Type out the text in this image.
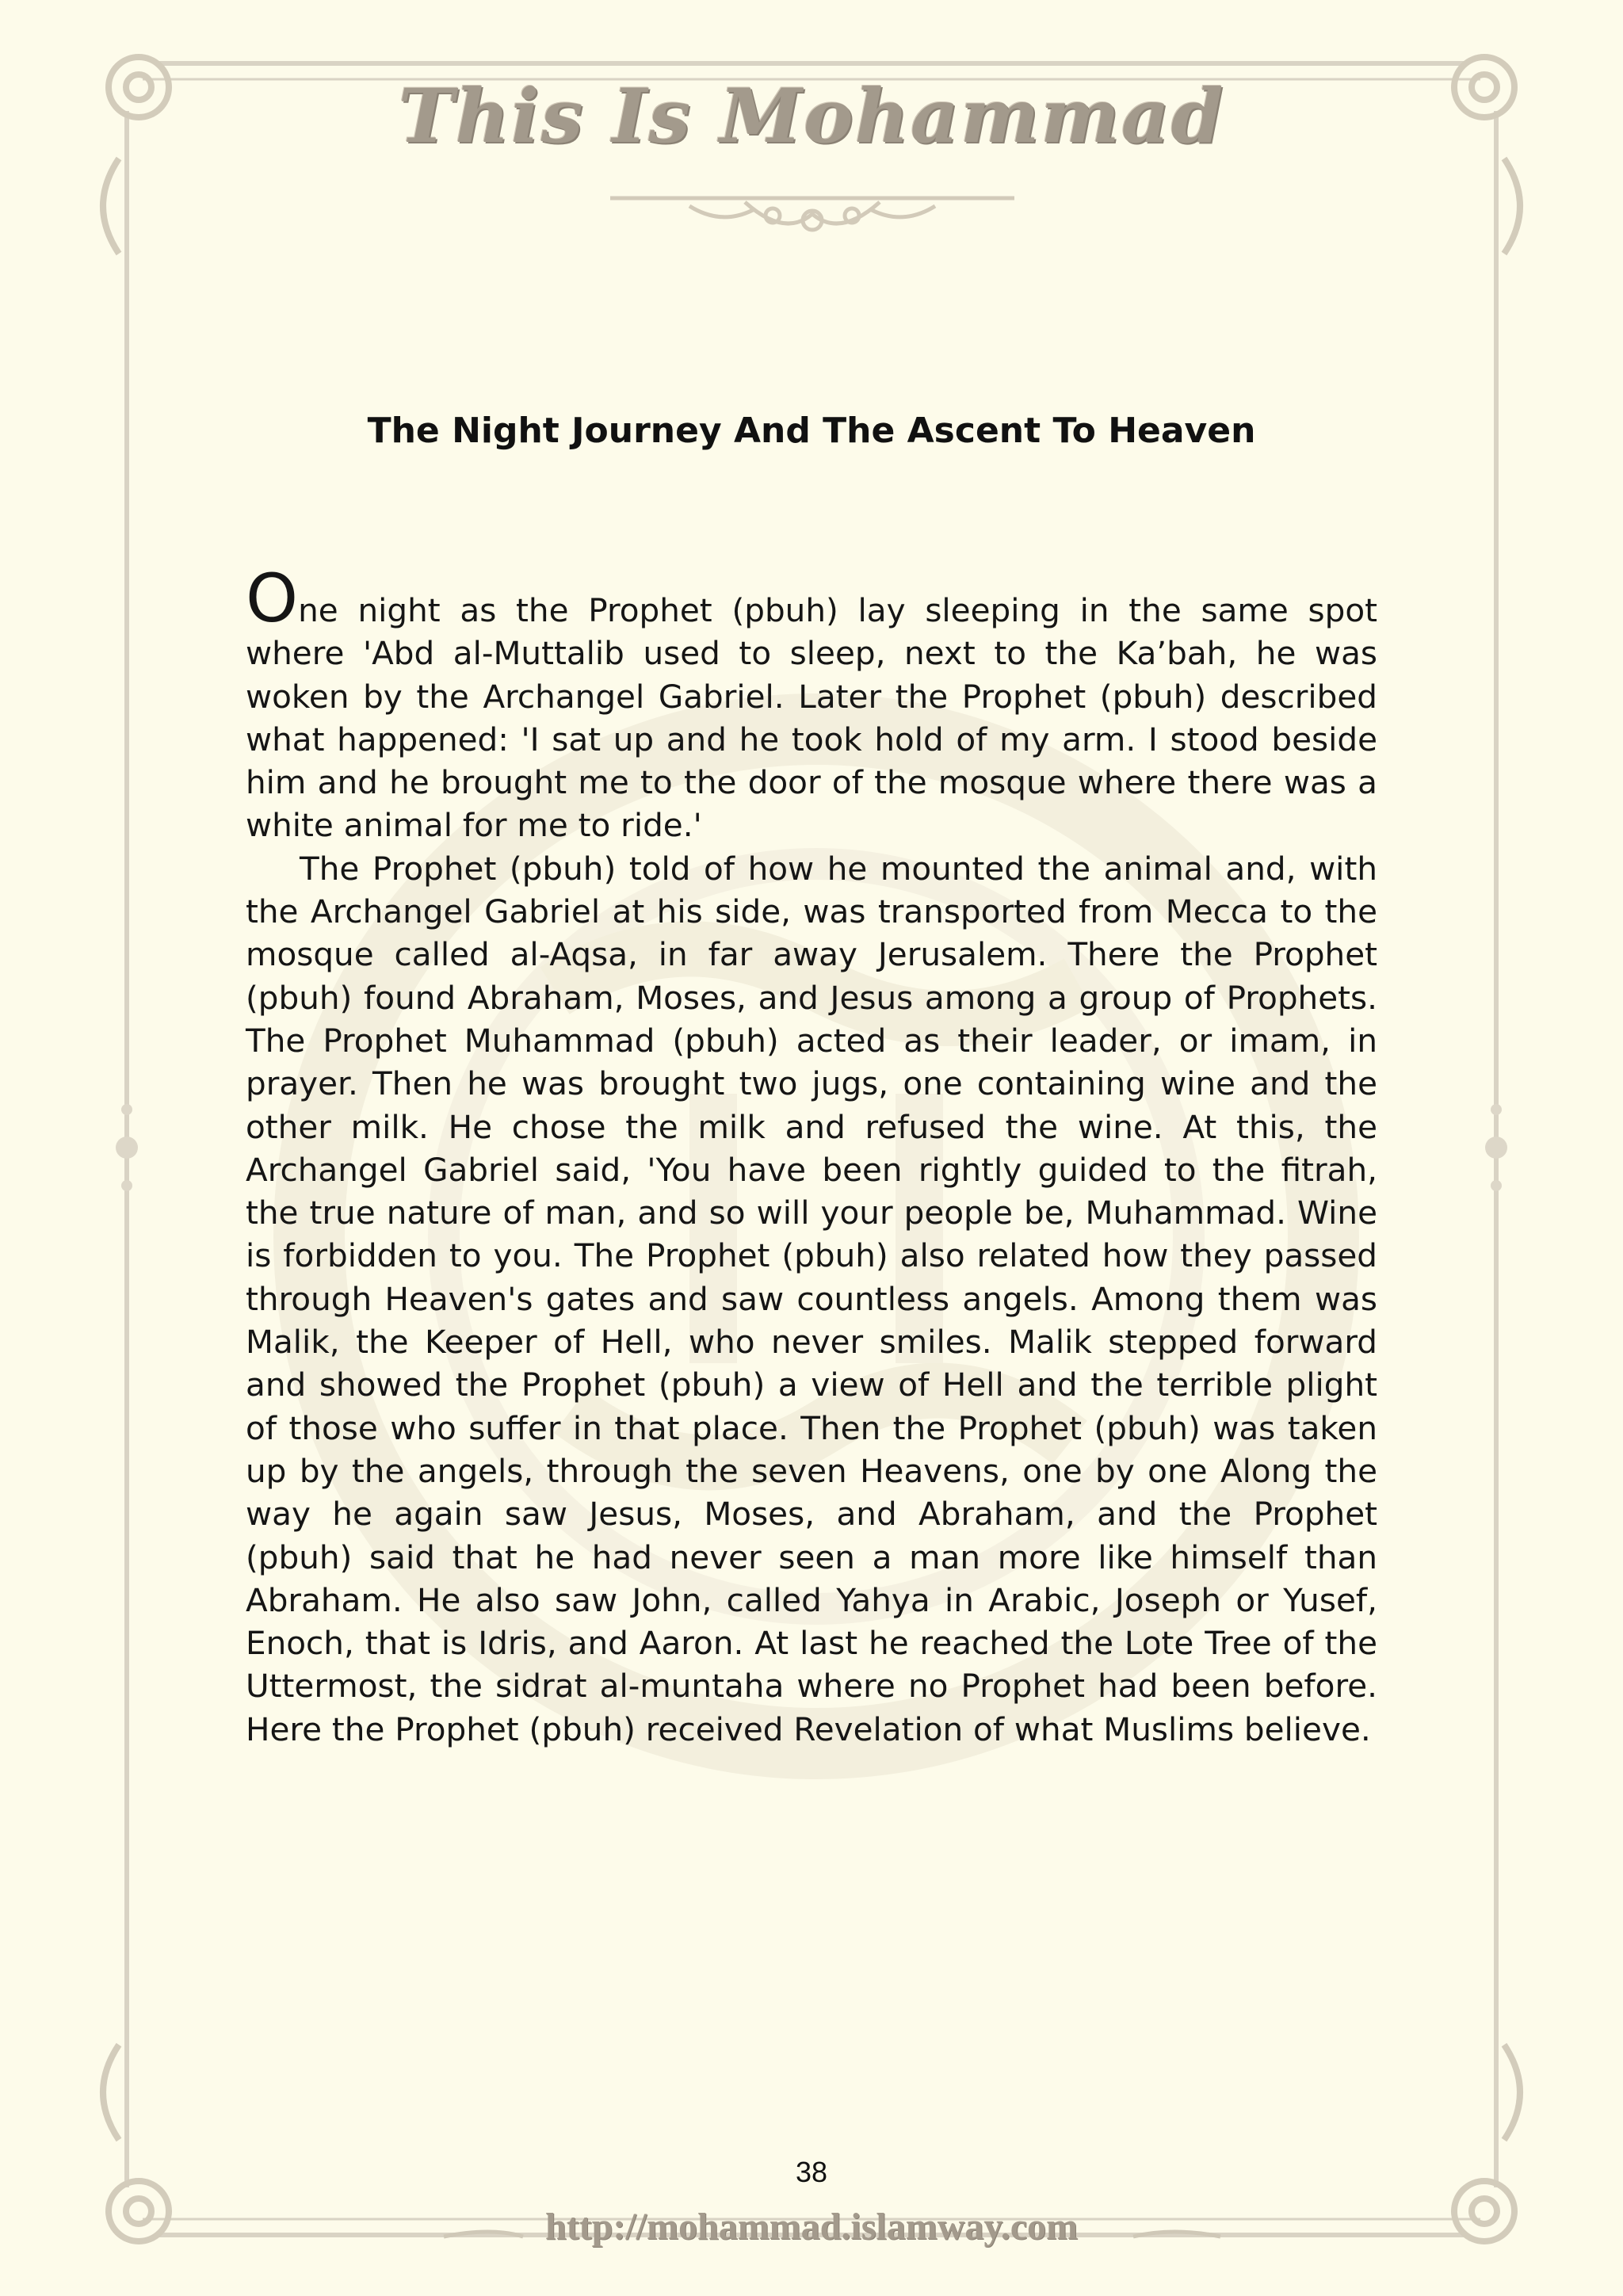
This Is Mohammad
The Night Journey And The Ascent To Heaven

One night as the Prophet (pbuh) lay sleeping in the same spot where 'Abd al-Muttalib used to sleep, next to the Ka’bah, he was woken by the Archangel Gabriel. Later the Prophet (pbuh) described what happened: 'I sat up and he took hold of my arm. I stood beside him and he brought me to the door of the mosque where there was a white animal for me to ride.'

The Prophet (pbuh) told of how he mounted the animal and, with the Archangel Gabriel at his side, was transported from Mecca to the mosque called al-Aqsa, in far away Jerusalem. There the Prophet (pbuh) found Abraham, Moses, and Jesus among a group of Prophets. The Prophet Muhammad (pbuh) acted as their leader, or imam, in prayer. Then he was brought two jugs, one containing wine and the other milk. He chose the milk and refused the wine. At this, the Archangel Gabriel said, 'You have been rightly guided to the fitrah, the true nature of man, and so will your people be, Muhammad. Wine is forbidden to you. The Prophet (pbuh) also related how they passed through Heaven's gates and saw countless angels. Among them was Malik, the Keeper of Hell, who never smiles. Malik stepped forward and showed the Prophet (pbuh) a view of Hell and the terrible plight of those who suffer in that place. Then the Prophet (pbuh) was taken up by the angels, through the seven Heavens, one by one Along the way he again saw Jesus, Moses, and Abraham, and the Prophet (pbuh) said that he had never seen a man more like himself than Abraham. He also saw John, called Yahya in Arabic, Joseph or Yusef, Enoch, that is Idris, and Aaron. At last he reached the Lote Tree of the Uttermost, the sidrat al-muntaha where no Prophet had been before. Here the Prophet (pbuh) received Revelation of what Muslims believe.

38
http://mohammad.islamway.com
